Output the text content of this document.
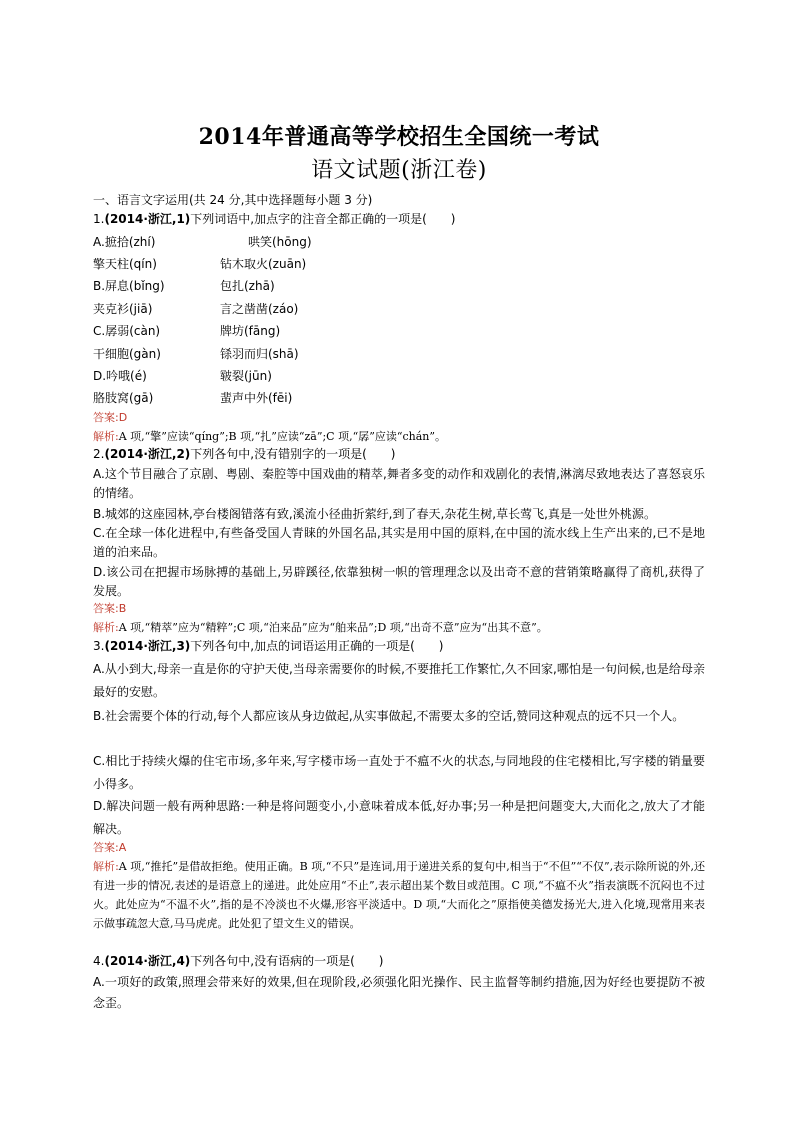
2014年普通高等学校招生全国统一考试
语文试题(浙江卷)
一、语言文字运用(共 24 分,其中选择题每小题 3 分)
1.(2014·浙江,1)下列词语中,加点字的注音全都正确的一项是(　　)
A.摭拾(zhí)	哄笑(hōng)
擎天柱(qín)	钻木取火(zuān)
B.屏息(bǐng)	包扎(zhā)
夹克衫(jiā)	言之凿凿(záo)
C.孱弱(càn)	牌坊(fāng)
干细胞(gàn)	铩羽而归(shā)
D.吟哦(é)	皲裂(jūn)
胳肢窝(gā)	蜚声中外(fēi)
答案:D
解析:A 项,“擎”应读“qíng”;B 项,“扎”应读“zā”;C 项,“孱”应读“chán”。
2.(2014·浙江,2)下列各句中,没有错别字的一项是(　　)
A.这个节目融合了京剧、粤剧、秦腔等中国戏曲的精萃,舞者多变的动作和戏剧化的表情,淋漓尽致地表达了喜怒哀乐的情绪。
B.城郊的这座园林,亭台楼阁错落有致,溪流小径曲折萦纡,到了春天,杂花生树,草长莺飞,真是一处世外桃源。
C.在全球一体化进程中,有些备受国人青睐的外国名品,其实是用中国的原料,在中国的流水线上生产出来的,已不是地道的泊来品。
D.该公司在把握市场脉搏的基础上,另辟蹊径,依靠独树一帜的管理理念以及出奇不意的营销策略赢得了商机,获得了发展。
答案:B
解析:A 项,“精萃”应为“精粹”;C 项,“泊来品”应为“舶来品”;D 项,“出奇不意”应为“出其不意”。
3.(2014·浙江,3)下列各句中,加点的词语运用正确的一项是(　　)
A.从小到大,母亲一直是你的守护天使,当母亲需要你的时候,不要推托工作繁忙,久不回家,哪怕是一句问候,也是给母亲最好的安慰。
B.社会需要个体的行动,每个人都应该从身边做起,从实事做起,不需要太多的空话,赞同这种观点的远不只一个人。
C.相比于持续火爆的住宅市场,多年来,写字楼市场一直处于不瘟不火的状态,与同地段的住宅楼相比,写字楼的销量要小得多。
D.解决问题一般有两种思路:一种是将问题变小,小意味着成本低,好办事;另一种是把问题变大,大而化之,放大了才能解决。
答案:A
解析:A 项,“推托”是借故拒绝。使用正确。B 项,“不只”是连词,用于递进关系的复句中,相当于“不但”“不仅”,表示除所说的外,还有进一步的情况,表述的是语意上的递进。此处应用“不止”,表示超出某个数目或范围。C 项,“不瘟不火”指表演既不沉闷也不过火。此处应为“不温不火”,指的是不冷淡也不火爆,形容平淡适中。D 项,“大而化之”原指使美德发扬光大,进入化境,现常用来表示做事疏忽大意,马马虎虎。此处犯了望文生义的错误。
4.(2014·浙江,4)下列各句中,没有语病的一项是(　　)
A.一项好的政策,照理会带来好的效果,但在现阶段,必须强化阳光操作、民主监督等制约措施,因为好经也要提防不被念歪。
